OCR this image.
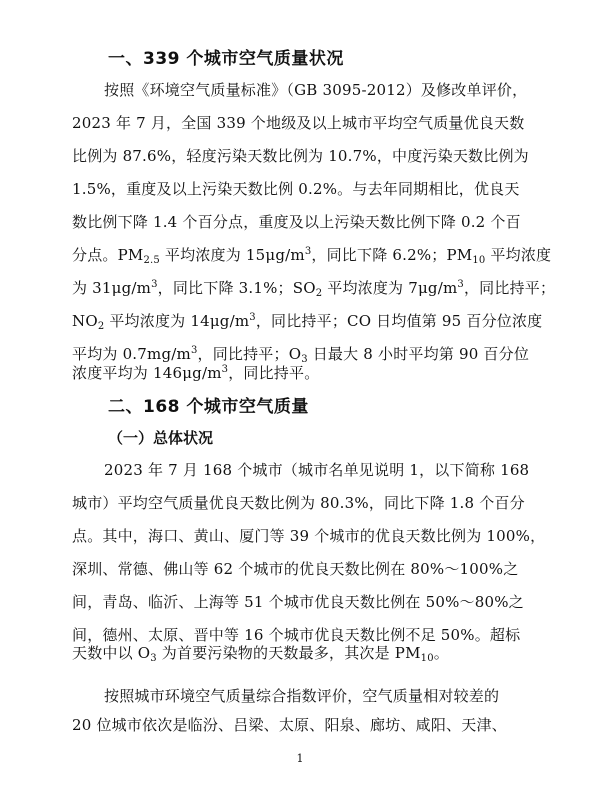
一、339 个城市空气质量状况
按照《环境空气质量标准》（GB 3095-2012）及修改单评价，
2023 年 7 月，全国 339 个地级及以上城市平均空气质量优良天数
比例为 87.6%，轻度污染天数比例为 10.7%，中度污染天数比例为
1.5%，重度及以上污染天数比例 0.2%。与去年同期相比，优良天
数比例下降 1.4 个百分点，重度及以上污染天数比例下降 0.2 个百
分点。$PM_{2.5}$ 平均浓度为 $15\mu g/m^3$，同比下降 6.2%；$PM_{10}$ 平均浓度
为 $31\mu g/m^3$，同比下降 3.1%；$SO_2$ 平均浓度为 $7\mu g/m^3$，同比持平；
$NO_2$ 平均浓度为 $14\mu g/m^3$，同比持平；CO 日均值第 95 百分位浓度
平均为 $0.7mg/m^3$，同比持平；$O_3$ 日最大 8 小时平均第 90 百分位
浓度平均为 $146\mu g/m^3$，同比持平。
二、168 个城市空气质量
（一）总体状况
2023 年 7 月 168 个城市（城市名单见说明 1，以下简称 168
城市）平均空气质量优良天数比例为 80.3%，同比下降 1.8 个百分
点。其中，海口、黄山、厦门等 39 个城市的优良天数比例为 100%，
深圳、常德、佛山等 62 个城市的优良天数比例在 80%～100%之
间，青岛、临沂、上海等 51 个城市优良天数比例在 50%～80%之
间，德州、太原、晋中等 16 个城市优良天数比例不足 50%。超标
天数中以 $O_3$ 为首要污染物的天数最多，其次是 $PM_{10}$。
按照城市环境空气质量综合指数评价，空气质量相对较差的
20 位城市依次是临汾、吕梁、太原、阳泉、廊坊、咸阳、天津、
1
